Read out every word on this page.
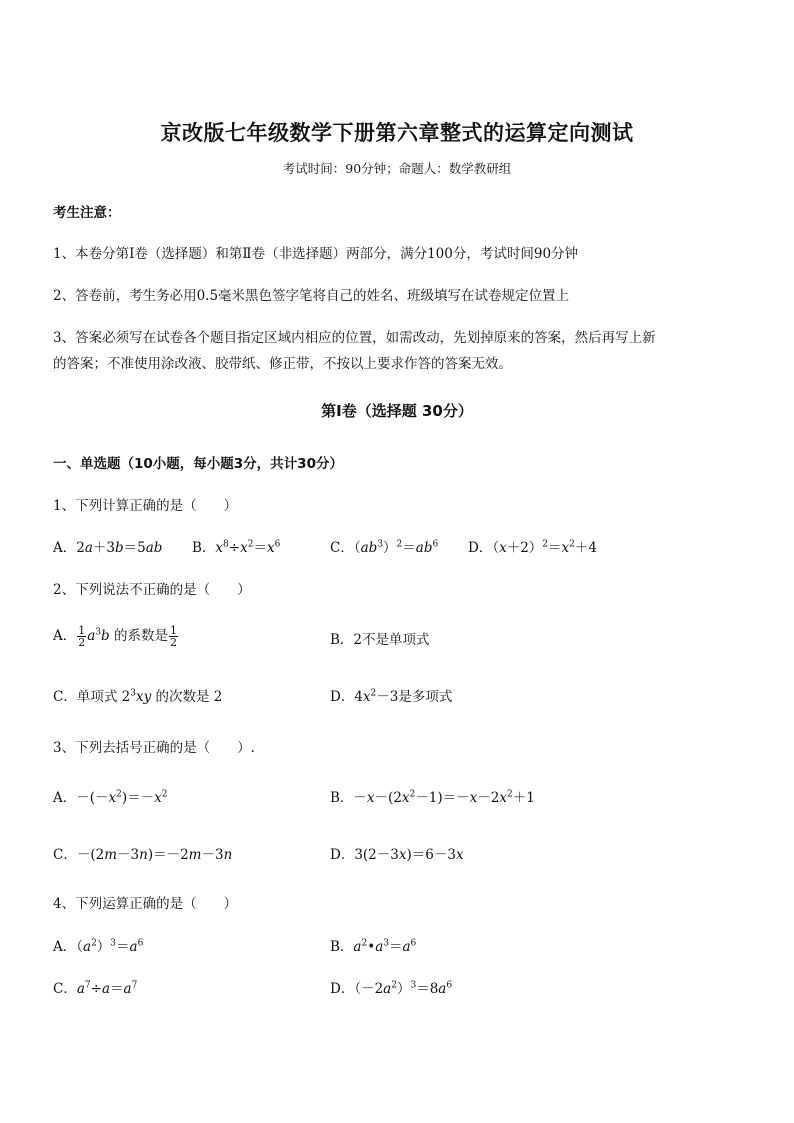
京改版七年级数学下册第六章整式的运算定向测试
考试时间：90分钟；命题人：数学教研组
考生注意：
1、本卷分第Ⅰ卷（选择题）和第Ⅱ卷（非选择题）两部分，满分100分，考试时间90分钟
2、答卷前，考生务必用0.5毫米黑色签字笔将自己的姓名、班级填写在试卷规定位置上
3、答案必须写在试卷各个题目指定区域内相应的位置，如需改动，先划掉原来的答案，然后再写上新
的答案；不准使用涂改液、胶带纸、修正带，不按以上要求作答的答案无效。
第Ⅰ卷（选择题 30分）
一、单选题（10小题，每小题3分，共计30分）
1、下列计算正确的是（　　）
A．2a＋3b＝5ab B．$x^8\div x^2=x^6$	C．$(ab^3)^2=ab^6$ D．$(x+2)^2=x^2+4$
2、下列说法不正确的是（　　）
A． $\frac{1}{2} a^3b$ 的系数是 $\frac{1}{2}$	B．2不是单项式
C．单项式 $2^3xy$ 的次数是 2	D．$4x^2-3$是多项式
3、下列去括号正确的是（　　）.
A．$-(-x^2)=-x^2$	B．$-x-(2x^2-1)=-x-2x^2+1$
C．－(2m－3n)＝－2m－3n	D．3(2－3x)＝6－3x
4、下列运算正确的是（　　）
A．$(a^2)^3=a^6$	B．$a^2•a^3=a^6$
C．$a^7\div a=a^7$	D．$(-2a^2)^3=8a^6$
